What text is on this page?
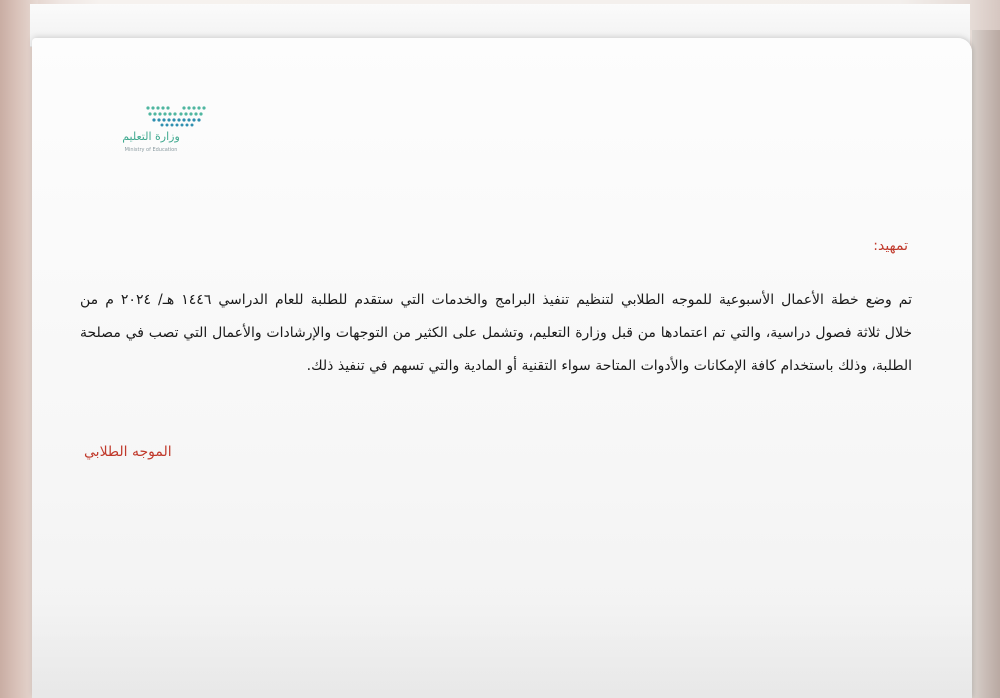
وزارة التعليم
Ministry of Education
تمهيد:
تم وضع خطة الأعمال الأسبوعية للموجه الطلابي لتنظيم تنفيذ البرامج والخدمات التي ستقدم للطلبة للعام الدراسي ١٤٤٦ هـ/ ٢٠٢٤ م من
خلال ثلاثة فصول دراسية، والتي تم اعتمادها من قبل وزارة التعليم، وتشمل على الكثير من التوجهات والإرشادات والأعمال التي تصب في مصلحة
الطلبة، وذلك باستخدام كافة الإمكانات والأدوات المتاحة سواء التقنية أو المادية والتي تسهم في تنفيذ ذلك.
الموجه الطلابي
